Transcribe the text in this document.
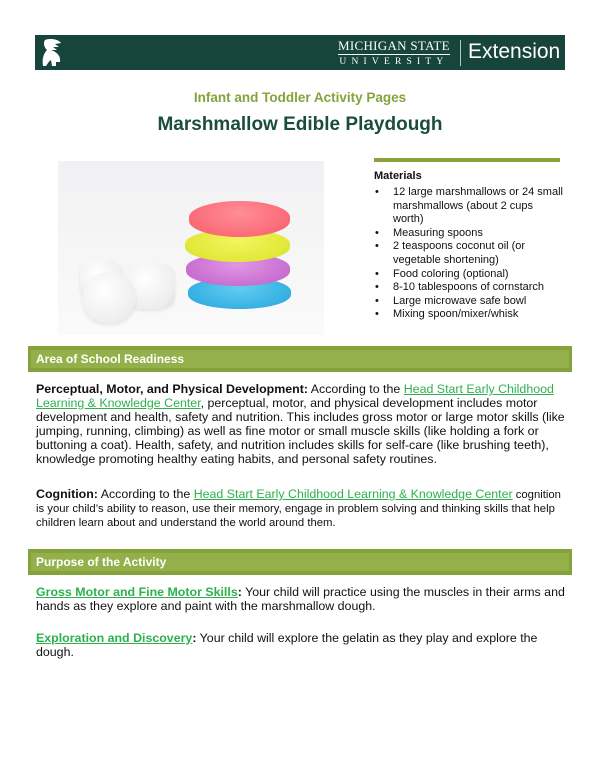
MICHIGAN STATE
UNIVERSITY Extension
Infant and Toddler Activity Pages
Marshmallow Edible Playdough
Materials
• 12 large marshmallows or 24 small marshmallows (about 2 cups worth)
• Measuring spoons
• 2 teaspoons coconut oil (or vegetable shortening)
• Food coloring (optional)
• 8-10 tablespoons of cornstarch
• Large microwave safe bowl
• Mixing spoon/mixer/whisk
Area of School Readiness
Perceptual, Motor, and Physical Development: According to the Head Start Early Childhood Learning & Knowledge Center, perceptual, motor, and physical development includes motor development and health, safety and nutrition. This includes gross motor or large motor skills (like jumping, running, climbing) as well as fine motor or small muscle skills (like holding a fork or buttoning a coat). Health, safety, and nutrition includes skills for self-care (like brushing teeth), knowledge promoting healthy eating habits, and personal safety routines.
Cognition: According to the Head Start Early Childhood Learning & Knowledge Center cognition is your child’s ability to reason, use their memory, engage in problem solving and thinking skills that help children learn about and understand the world around them.
Purpose of the Activity
Gross Motor and Fine Motor Skills: Your child will practice using the muscles in their arms and hands as they explore and paint with the marshmallow dough.
Exploration and Discovery: Your child will explore the gelatin as they play and explore the dough.
